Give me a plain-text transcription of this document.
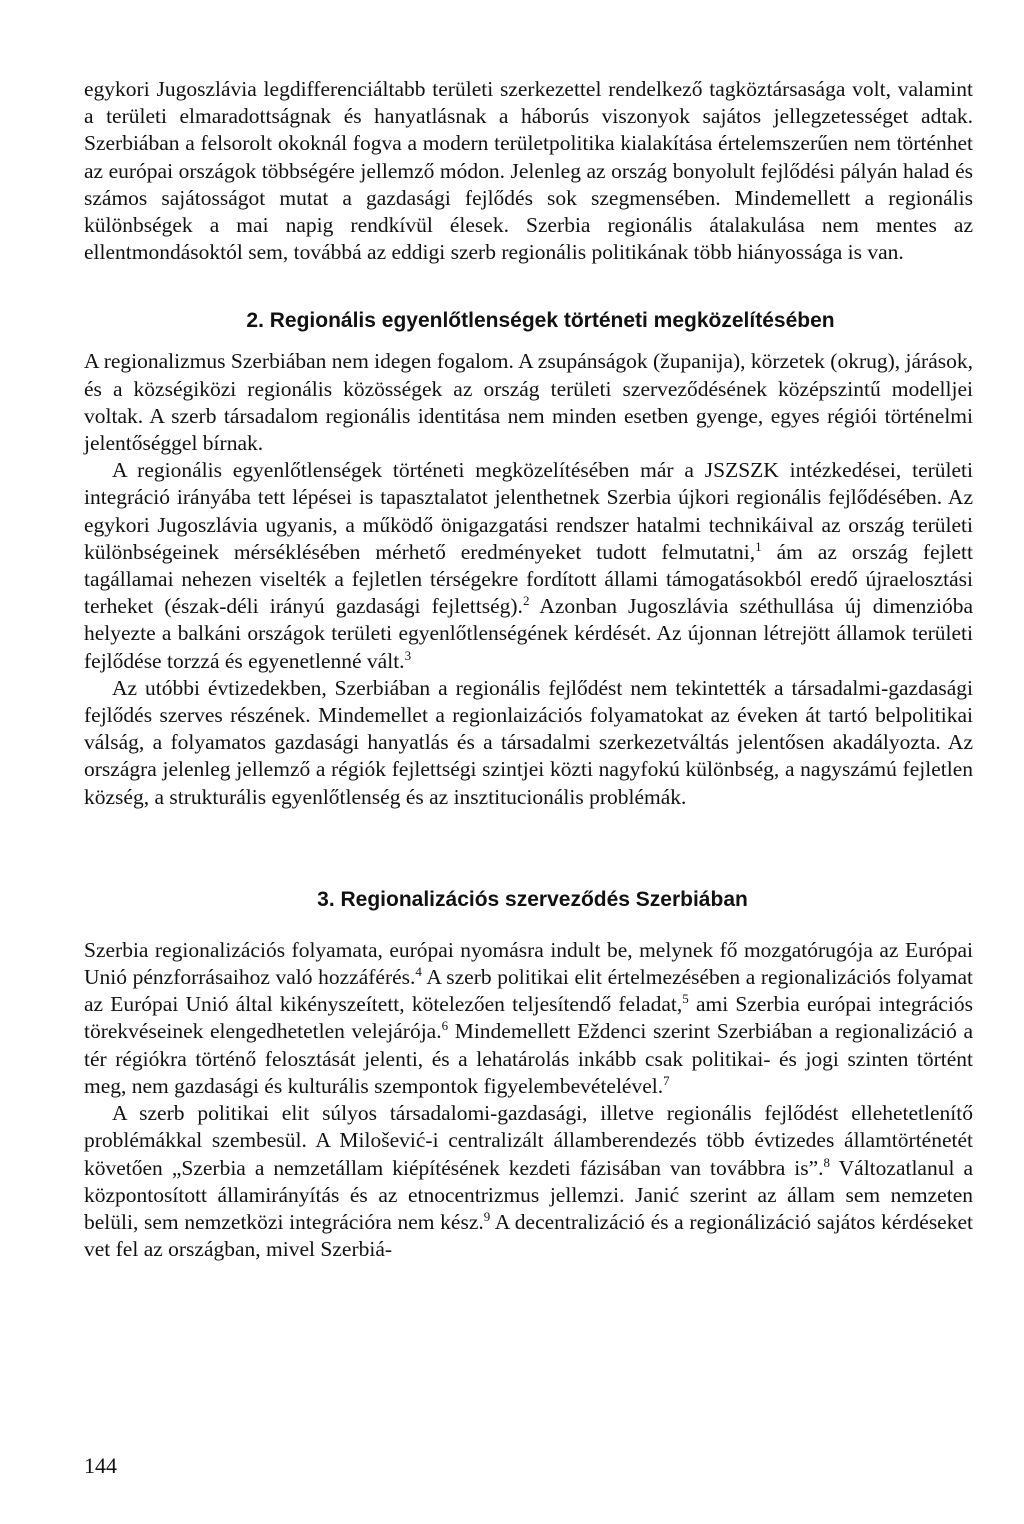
egykori Jugoszlávia legdifferenciáltabb területi szerkezettel rendelkező tagköztársasága volt, valamint a területi elmaradottságnak és hanyatlásnak a háborús viszonyok sajátos jellegzetességet adtak. Szerbiában a felsorolt okoknál fogva a modern területpolitika kialakítása értelemszerűen nem történhet az európai országok többségére jellemző módon. Jelenleg az ország bonyolult fejlődési pályán halad és számos sajátosságot mutat a gazdasági fejlődés sok szegmensében. Mindemellett a regionális különbségek a mai napig rendkívül élesek. Szerbia regionális átalakulása nem mentes az ellentmondásoktól sem, továbbá az eddigi szerb regionális politikának több hiányossága is van.

2. Regionális egyenlőtlenségek történeti megközelítésében

A regionalizmus Szerbiában nem idegen fogalom. A zsupánságok (županija), körzetek (okrug), járások, és a községiközi regionális közösségek az ország területi szerveződésének középszintű modelljei voltak. A szerb társadalom regionális identitása nem minden esetben gyenge, egyes régiói történelmi jelentőséggel bírnak.

A regionális egyenlőtlenségek történeti megközelítésében már a JSZSZK intézkedései, területi integráció irányába tett lépései is tapasztalatot jelenthetnek Szerbia újkori regionális fejlődésében. Az egykori Jugoszlávia ugyanis, a működő önigazgatási rendszer hatalmi technikáival az ország területi különbségeinek mérséklésében mérhető eredményeket tudott felmutatni,$^1$ ám az ország fejlett tagállamai nehezen viselték a fejletlen térségekre fordított állami támogatásokból eredő újraelosztási terheket (észak-déli irányú gazdasági fejlettség).$^2$ Azonban Jugoszlávia széthullása új dimenzióba helyezte a balkáni országok területi egyenlőtlenségének kérdését. Az újonnan létrejött államok területi fejlődése torzzá és egyenetlenné vált.$^3$

Az utóbbi évtizedekben, Szerbiában a regionális fejlődést nem tekintették a társadalmi-gazdasági fejlődés szerves részének. Mindemellet a regionlaizációs folyamatokat az éveken át tartó belpolitikai válság, a folyamatos gazdasági hanyatlás és a társadalmi szerkezetváltás jelentősen akadályozta. Az országra jelenleg jellemző a régiók fejlettségi szintjei közti nagyfokú különbség, a nagyszámú fejletlen község, a strukturális egyenlőtlenség és az insztitucionális problémák.

3. Regionalizációs szerveződés Szerbiában

Szerbia regionalizációs folyamata, európai nyomásra indult be, melynek fő mozgatórugója az Európai Unió pénzforrásaihoz való hozzáférés.$^4$ A szerb politikai elit értelmezésében a regionalizációs folyamat az Európai Unió által kikényszeített, kötelezően teljesítendő feladat,$^5$ ami Szerbia európai integrációs törekvéseinek elengedhetetlen velejárója.$^6$ Mindemellett Eždenci szerint Szerbiában a regionalizáció a tér régiókra történő felosztását jelenti, és a lehatárolás inkább csak politikai- és jogi szinten történt meg, nem gazdasági és kulturális szempontok figyelembevételével.$^7$

A szerb politikai elit súlyos társadalomi-gazdasági, illetve regionális fejlődést ellehetetlenítő problémákkal szembesül. A Milošević-i centralizált államberendezés több évtizedes államtörténetét követően „Szerbia a nemzetállam kiépítésének kezdeti fázisában van továbbra is”.$^8$ Változatlanul a központosított államirányítás és az etnocentrizmus jellemzi. Janić szerint az állam sem nemzeten belüli, sem nemzetközi integrációra nem kész.$^9$ A decentralizáció és a regionálizáció sajátos kérdéseket vet fel az országban, mivel Szerbiá-

144
